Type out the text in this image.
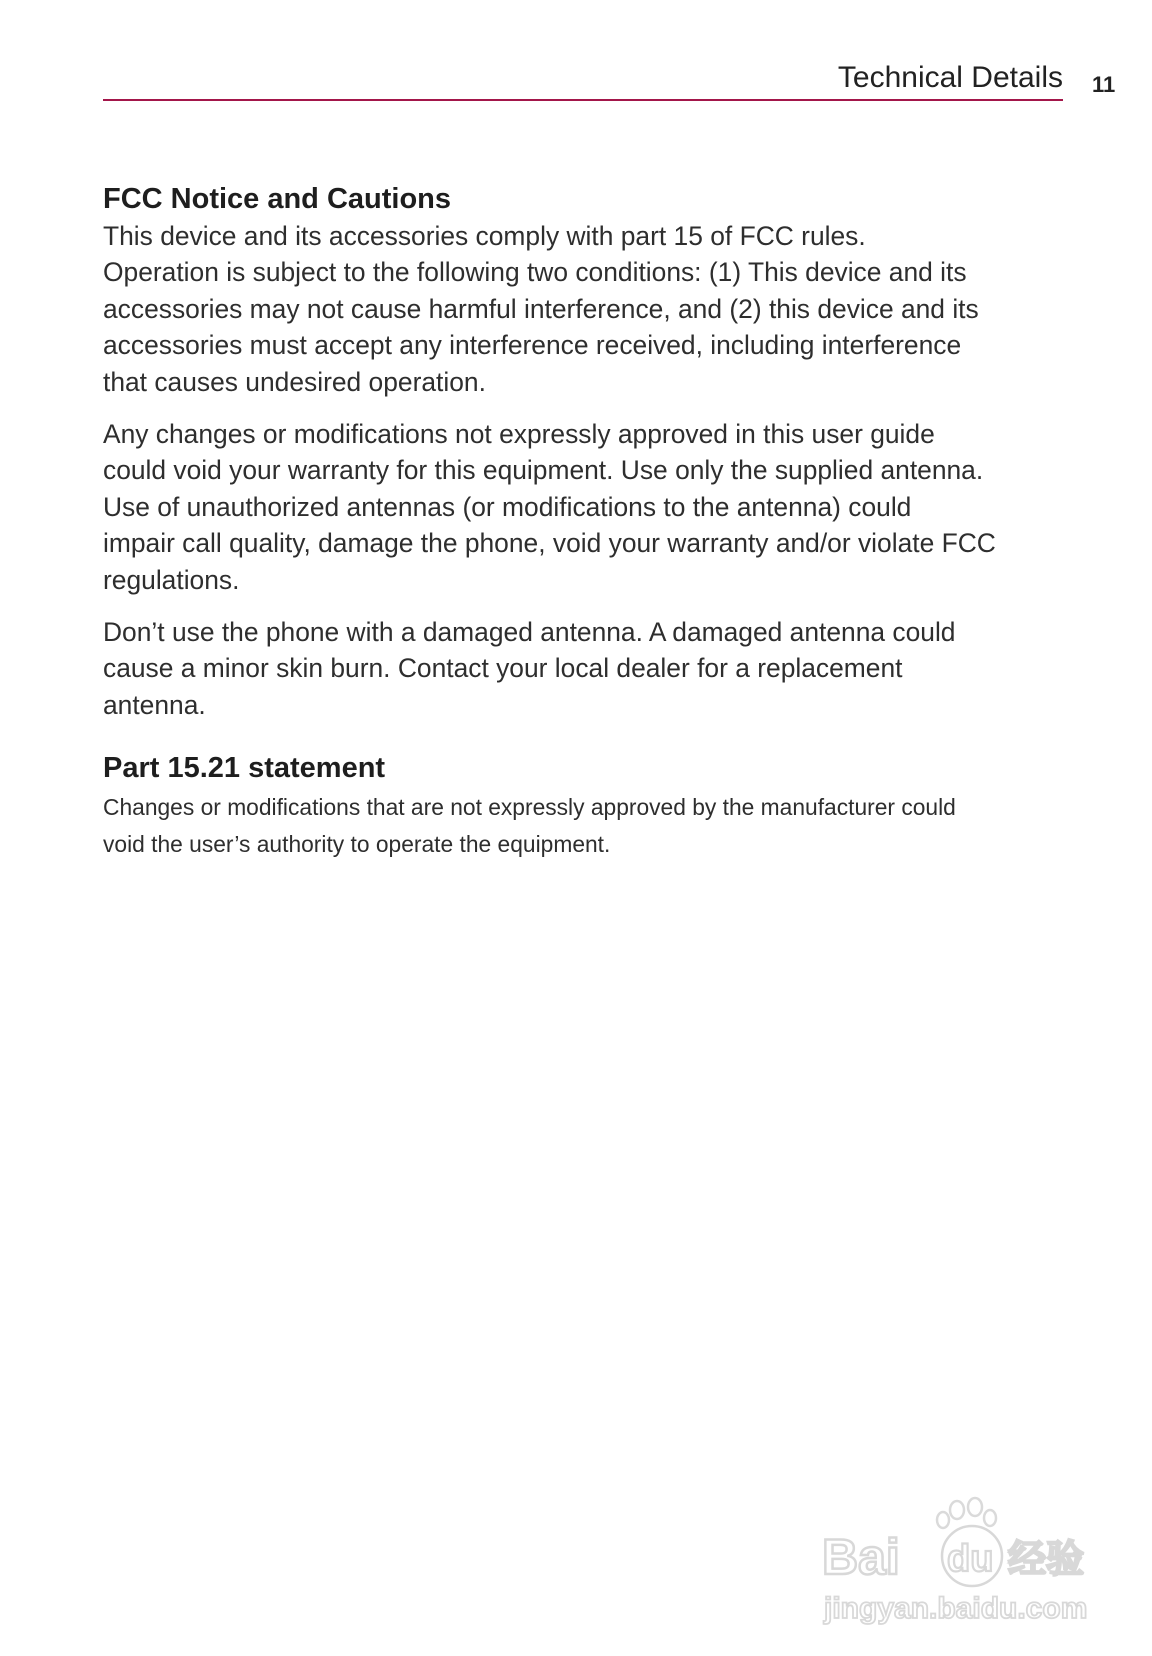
Technical Details 11
FCC Notice and Cautions

This device and its accessories comply with part 15 of FCC rules.
Operation is subject to the following two conditions: (1) This device and its
accessories may not cause harmful interference, and (2) this device and its
accessories must accept any interference received, including interference
that causes undesired operation.

Any changes or modifications not expressly approved in this user guide
could void your warranty for this equipment. Use only the supplied antenna.
Use of unauthorized antennas (or modifications to the antenna) could
impair call quality, damage the phone, void your warranty and/or violate FCC
regulations.

Don’t use the phone with a damaged antenna. A damaged antenna could
cause a minor skin burn. Contact your local dealer for a replacement
antenna.

Part 15.21 statement

Changes or modifications that are not expressly approved by the manufacturer could
void the user’s authority to operate the equipment.

Bai du 经验
jingyan.baidu.com
